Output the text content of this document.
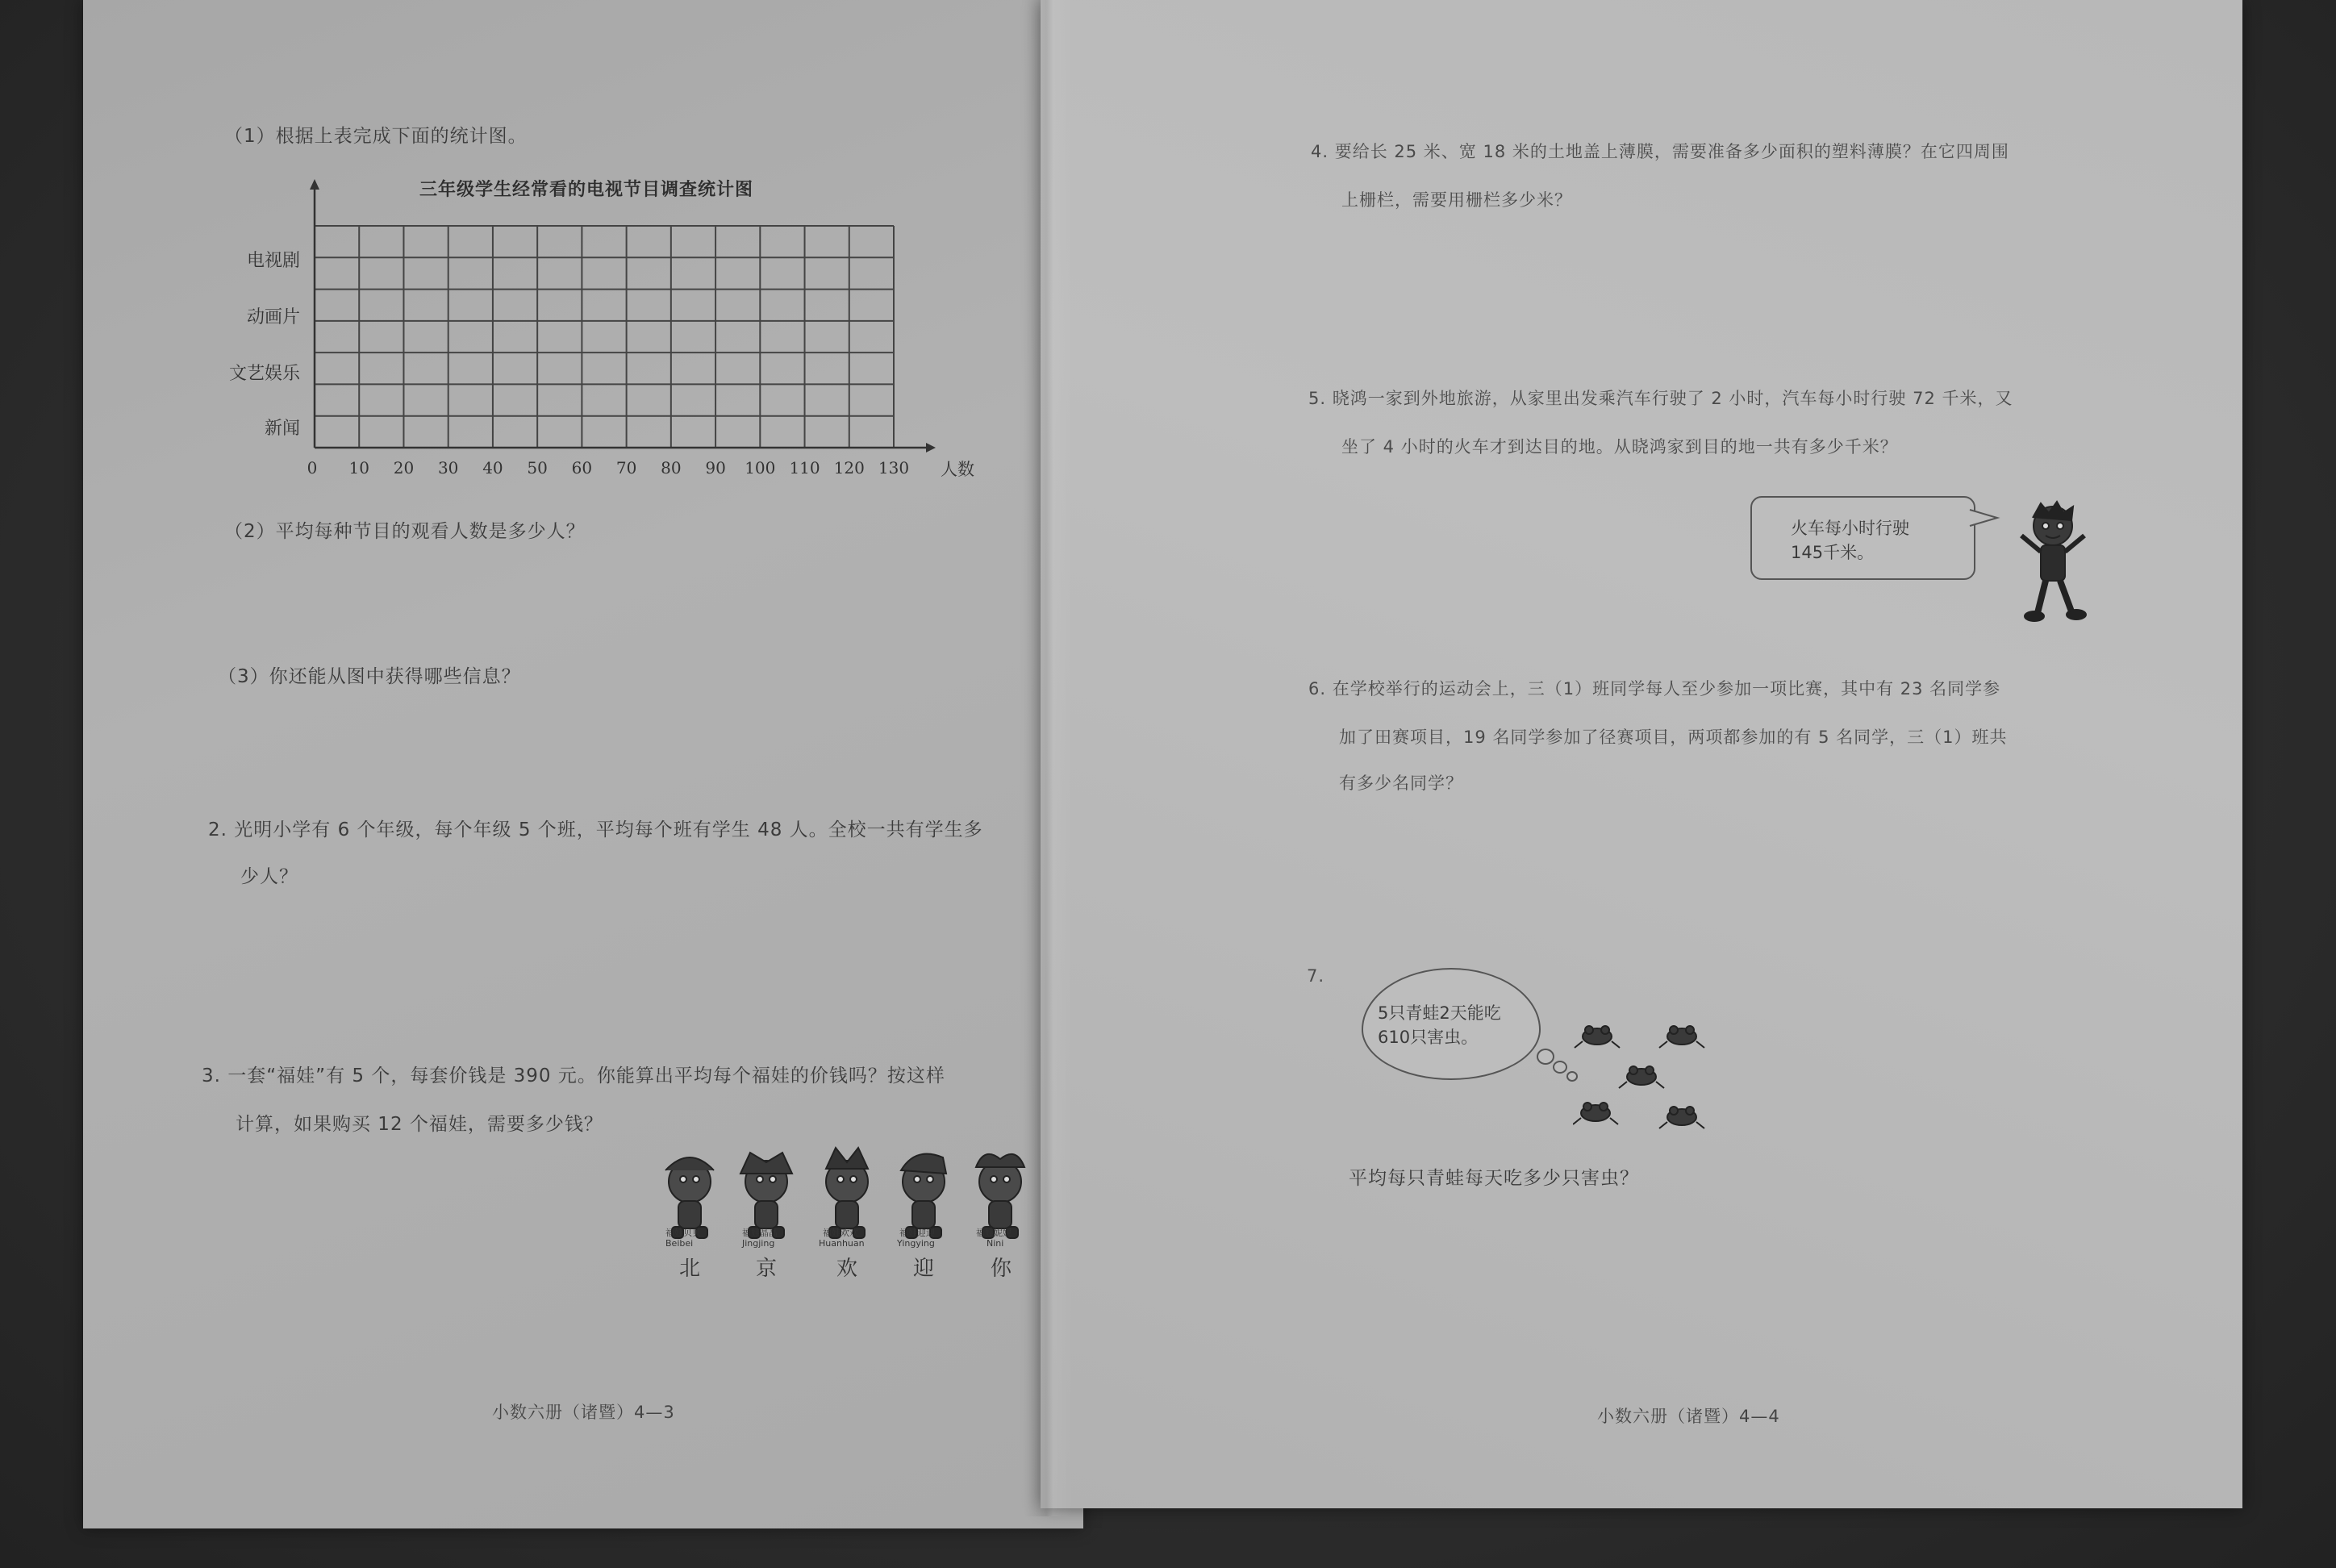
（1）根据上表完成下面的统计图。
三年级学生经常看的电视节目调查统计图
0 10 20 30 40 50 60 70 80 90 100 110 120 130 人数
电视剧
动画片
文艺娱乐
新闻
（2）平均每种节目的观看人数是多少人？
（3）你还能从图中获得哪些信息？
2. 光明小学有 6 个年级，每个年级 5 个班，平均每个班有学生 48 人。全校一共有学生多
少人？
3. 一套“福娃”有 5 个，每套价钱是 390 元。你能算出平均每个福娃的价钱吗？按这样
计算，如果购买 12 个福娃，需要多少钱？
福娃贝贝
Beibei
北
福娃晶晶
Jingjing
京
福娃欢欢
Huanhuan
欢
福娃迎迎
Yingying
迎
福娃妮妮
Nini
你
小数六册（诸暨）4—3
4. 要给长 25 米、宽 18 米的土地盖上薄膜，需要准备多少面积的塑料薄膜？在它四周围
上栅栏，需要用栅栏多少米？
5. 晓鸿一家到外地旅游，从家里出发乘汽车行驶了 2 小时，汽车每小时行驶 72 千米，又
坐了 4 小时的火车才到达目的地。从晓鸿家到目的地一共有多少千米？
火车每小时行驶
145千米。
6. 在学校举行的运动会上，三（1）班同学每人至少参加一项比赛，其中有 23 名同学参
加了田赛项目，19 名同学参加了径赛项目，两项都参加的有 5 名同学，三（1）班共
有多少名同学？
7.
5只青蛙2天能吃
610只害虫。
平均每只青蛙每天吃多少只害虫？
小数六册（诸暨）4—4
